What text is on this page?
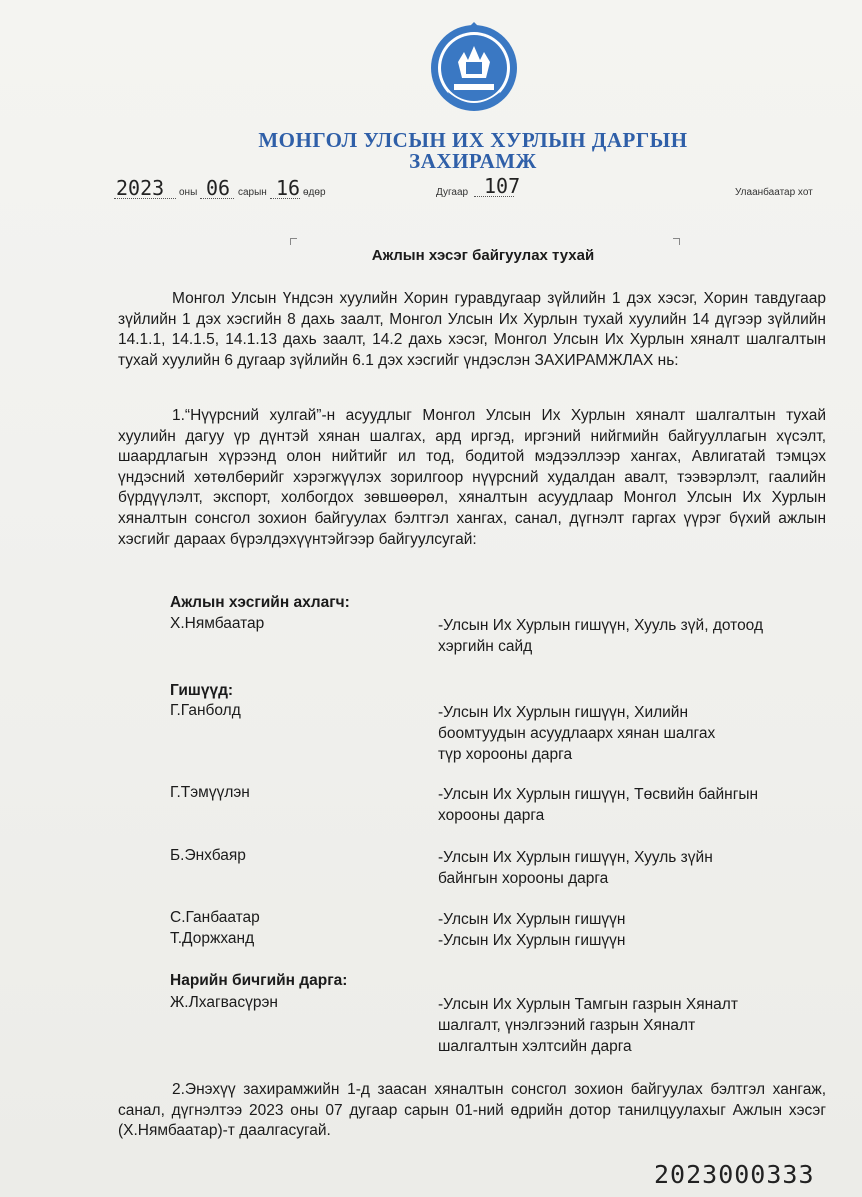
МОНГОЛ УЛСЫН ИХ ХУРЛЫН ДАРГЫН
ЗАХИРАМЖ
2023 оны 06 сарын 16 өдөр	Дугаар 107	Улаанбаатар хот
Ажлын хэсэг байгуулах тухай
Монгол Улсын Үндсэн хуулийн Хорин гуравдугаар зүйлийн 1 дэх хэсэг, Хорин тавдугаар зүйлийн 1 дэх хэсгийн 8 дахь заалт, Монгол Улсын Их Хурлын тухай хуулийн 14 дүгээр зүйлийн 14.1.1, 14.1.5, 14.1.13 дахь заалт, 14.2 дахь хэсэг, Монгол Улсын Их Хурлын хяналт шалгалтын тухай хуулийн 6 дугаар зүйлийн 6.1 дэх хэсгийг үндэслэн ЗАХИРАМЖЛАХ нь:
1.“Нүүрсний хулгай”-н асуудлыг Монгол Улсын Их Хурлын хяналт шалгалтын тухай хуулийн дагуу үр дүнтэй хянан шалгах, ард иргэд, иргэний нийгмийн байгууллагын хүсэлт, шаардлагын хүрээнд олон нийтийг ил тод, бодитой мэдээллээр хангах, Авлигатай тэмцэх үндэсний хөтөлбөрийг хэрэгжүүлэх зорилгоор нүүрсний худалдан авалт, тээвэрлэлт, гаалийн бүрдүүлэлт, экспорт, холбогдох зөвшөөрөл, хяналтын асуудлаар Монгол Улсын Их Хурлын хяналтын сонсгол зохион байгуулах бэлтгэл хангах, санал, дүгнэлт гаргах үүрэг бүхий ажлын хэсгийг дараах бүрэлдэхүүнтэйгээр байгуулсугай:
Ажлын хэсгийн ахлагч:
Х.Нямбаатар	-Улсын Их Хурлын гишүүн, Хууль зүй, дотоод
хэргийн сайд
Гишүүд:
Г.Ганболд	-Улсын Их Хурлын гишүүн, Хилийн
боомтуудын асуудлаарх хянан шалгах
түр хорооны дарга
Г.Тэмүүлэн	-Улсын Их Хурлын гишүүн, Төсвийн байнгын
хорооны дарга
Б.Энхбаяр	-Улсын Их Хурлын гишүүн, Хууль зүйн
байнгын хорооны дарга
С.Ганбаатар	-Улсын Их Хурлын гишүүн
Т.Доржханд	-Улсын Их Хурлын гишүүн
Нарийн бичгийн дарга:
Ж.Лхагвасүрэн	-Улсын Их Хурлын Тамгын газрын Хяналт
шалгалт, үнэлгээний газрын Хяналт
шалгалтын хэлтсийн дарга
2.Энэхүү захирамжийн 1-д заасан хяналтын сонсгол зохион байгуулах бэлтгэл хангаж, санал, дүгнэлтээ 2023 оны 07 дугаар сарын 01-ний өдрийн дотор танилцуулахыг Ажлын хэсэг (Х.Нямбаатар)-т даалгасугай.
2023000333
